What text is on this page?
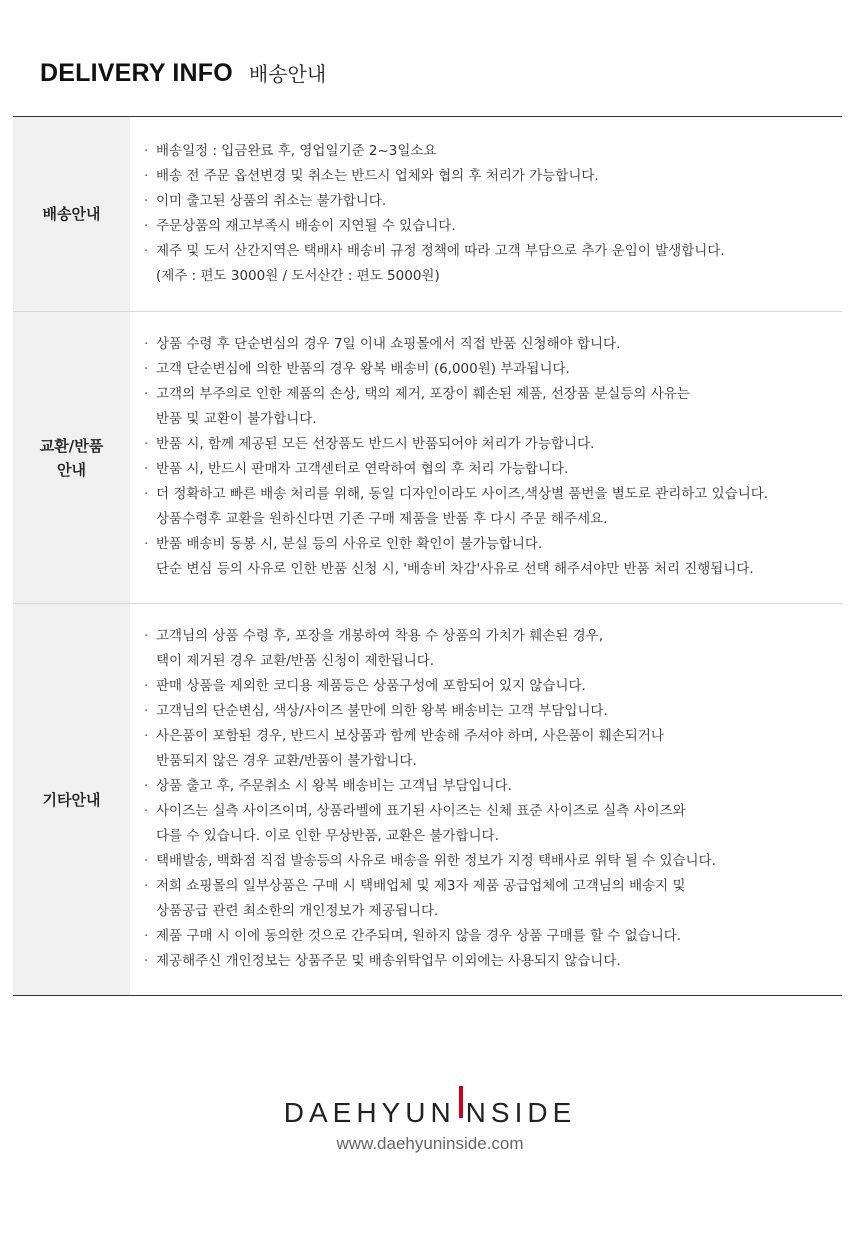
DELIVERY INFO 배송안내
배송안내
· 배송일정 : 입금완료 후, 영업일기준 2~3일소요
· 배송 전 주문 옵션변경 및 취소는 반드시 업체와 협의 후 처리가 가능합니다.
· 이미 출고된 상품의 취소는 불가합니다.
· 주문상품의 재고부족시 배송이 지연될 수 있습니다.
· 제주 및 도서 산간지역은 택배사 배송비 규정 정책에 따라 고객 부담으로 추가 운임이 발생합니다.
(제주 : 편도 3000원 / 도서산간 : 편도 5000원)
교환/반품
안내
· 상품 수령 후 단순변심의 경우 7일 이내 쇼핑몰에서 직접 반품 신청해야 합니다.
· 고객 단순변심에 의한 반품의 경우 왕복 배송비 (6,000원) 부과됩니다.
· 고객의 부주의로 인한 제품의 손상, 택의 제거, 포장이 훼손된 제품, 선장품 분실등의 사유는
반품 및 교환이 불가합니다.
· 반품 시, 함께 제공된 모든 선장품도 반드시 반품되어야 처리가 가능합니다.
· 반품 시, 반드시 판매자 고객센터로 연락하여 협의 후 처리 가능합니다.
· 더 정확하고 빠른 배송 처리를 위해, 동일 디자인이라도 사이즈,색상별 품번을 별도로 관리하고 있습니다.
상품수령후 교환을 원하신다면 기존 구매 제품을 반품 후 다시 주문 해주세요.
· 반품 배송비 동봉 시, 분실 등의 사유로 인한 확인이 불가능합니다.
단순 변심 등의 사유로 인한 반품 신청 시, '배송비 차감'사유로 선택 해주셔야만 반품 처리 진행됩니다.
기타안내
· 고객님의 상품 수령 후, 포장을 개봉하여 착용 수 상품의 가치가 훼손된 경우,
택이 제거된 경우 교환/반품 신청이 제한됩니다.
· 판매 상품을 제외한 코디용 제품등은 상품구성에 포함되어 있지 않습니다.
· 고객님의 단순변심, 색상/사이즈 불만에 의한 왕복 배송비는 고객 부담입니다.
· 사은품이 포함된 경우, 반드시 보상품과 함께 반송해 주셔야 하며, 사은품이 훼손되거나
반품되지 않은 경우 교환/반품이 불가합니다.
· 상품 출고 후, 주문취소 시 왕복 배송비는 고객님 부담입니다.
· 사이즈는 실측 사이즈이며, 상품라벨에 표기된 사이즈는 신체 표준 사이즈로 실측 사이즈와
다를 수 있습니다. 이로 인한 무상반품, 교환은 불가합니다.
· 택배발송, 백화점 직접 발송등의 사유로 배송을 위한 정보가 지정 택배사로 위탁 될 수 있습니다.
· 저희 쇼핑몰의 일부상품은 구매 시 택배업체 및 제3자 제품 공급업체에 고객님의 배송지 및
상품공급 관련 최소한의 개인정보가 제공됩니다.
· 제품 구매 시 이에 동의한 것으로 간주되며, 원하지 않을 경우 상품 구매를 할 수 없습니다.
· 제공해주신 개인정보는 상품주문 및 배송위탁업무 이외에는 사용되지 않습니다.
DAEHYUN NSIDE
www.daehyuninside.com
